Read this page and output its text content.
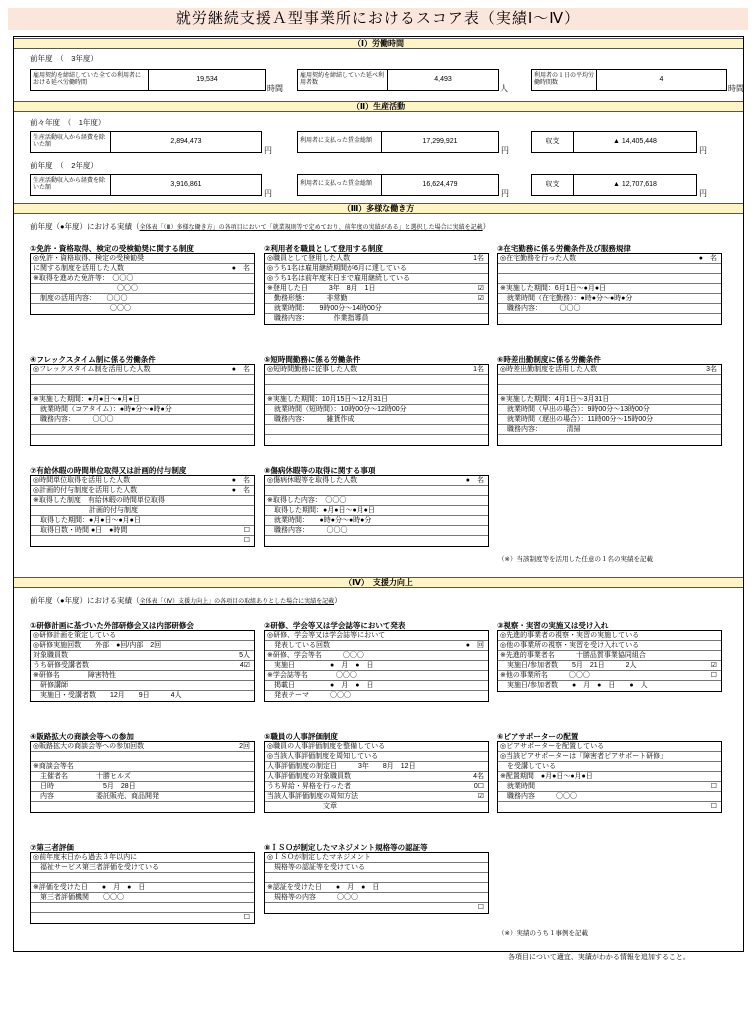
就労継続支援Ａ型事業所におけるスコア表（実績Ⅰ～Ⅳ）
（Ⅰ）労働時間
前年度　（　3年度）
雇用契約を締結していた全ての利用者における延べ労働時間
19,534
時間
雇用契約を締結していた延べ利用者数
4,493
人
利用者の１日の平均労働時間数
4
時間
（Ⅱ）生産活動
前々年度　（　1年度）
生産活動収入から経費を除いた額
2,894,473
円
利用者に支払った賃金総額	17,299,921
円
収支	▲ 14,405,448
円
前年度　（　2年度）
生産活動収入から経費を除いた額
3,916,861
円
利用者に支払った賃金総額	16,624,479
円
収支	▲ 12,707,618
円
（Ⅲ）多様な働き方
前年度（●年度）における実績（全体表「（Ⅲ）多様な働き方」の各項目において「就業規則等で定めており、前年度の実績がある」と選択した場合に実績を記載）
（※）当該制度等を活用した任意の１名の実績を記載
（Ⅳ）　支援力向上
前年度（●年度）における実績（全体表「（Ⅳ）支援力向上」の各項目の取組ありとした場合に実績を記載）
（※）実績のうち１事例を記載
①免許・資格取得、検定の受検勧奨に関する制度
◎免許・資格取得、検定の受検勧奨
に関する制度を活用した人数	●　名
※取得を進めた免許等：　〇〇〇
　　　　　　　　　　　　〇〇〇
　制度の活用内容：　　〇〇〇
　　　　　　　　　　　〇〇〇
②利用者を職員として登用する制度
◎職員として登用した人数	1名
◎うち1名は雇用継続期間が6月に達している
◎うち1名は前年度末日まで雇用継続している
※登用した日　　　3年　8月　1日	☑
　勤務形態：　　　非常勤	☑
　就業時間：　　9時00分～14時00分
　職務内容：　　　　作業指導員
③在宅勤務に係る労働条件及び服務規律
◎在宅勤務を行った人数	●　名
※実施した期間：6月1日～●月●日
　就業時間（在宅勤務）：●時●分～●時●分
　職務内容：　　　〇〇〇
④フレックスタイム制に係る労働条件
◎フレックスタイム制を活用した人数	●　名
※実施した期間：●月●日～●月●日
　就業時間（コアタイム）：●時●分～●時●分
　職務内容：　　　〇〇〇
⑤短時間勤務に係る労働条件
◎短時間勤務に従事した人数	1名
※実施した期間：10月15日～12月31日
　就業時間（短時間）：10時00分～12時00分
　職務内容：　　　雑貨作成
⑥時差出勤制度に係る労働条件
◎時差出勤制度を活用した人数	3名
※実施した期間：4月1日～3月31日
　就業時間（早出の場合）：9時00分～13時00分
　就業時間（遅出の場合）：11時00分～15時00分
　職務内容：　　　　清掃
⑦有給休暇の時間単位取得又は計画的付与制度
◎時間単位取得を活用した人数	●　名
◎計画的付与制度を活用した人数	●　名
※取得した制度　有給休暇の時間単位取得
　　　　　　　　計画的付与制度
　取得した期間：●月●日～●月●日
　取得日数・時間 ●日　●時間	☐
☐
⑧傷病休暇等の取得に関する事項
◎傷病休暇等を取得した人数	●　名
※取得した内容：　〇〇〇
　取得した期間：●月●日～●月●日
　就業時間：　　●時●分～●時●分
　職務内容：　　　〇〇〇
①研修計画に基づいた外部研修会又は内部研修会
◎研修計画を策定している
◎研修実施回数　　外部　●回/内部　2回
対象職員数	5人
うち研修受講者数	4☑
※研修名　　　　障害特性
　研修講師
　実施日・受講者数　　12月　　9日　　　4人
②研修、学会等又は学会誌等において発表
◎研修、学会等又は学会誌等において
　発表している回数	●　回
※研修、学会等名　　　〇〇〇
　実施日　　　　　●　月　●　日
※学会誌等名　　　　〇〇〇
　掲載日　　　　　●　月　●　日
　発表テーマ　　　〇〇〇
③視察・実習の実施又は受け入れ
◎先進的事業者の視察・実習の実施している
◎他の事業所の視察・実習を受け入れている
※先進的事業者名　　　十勝品質事業協同組合
　実施日/参加者数　　5月　21日　　　2人	☑
※他の事業所名　　　〇〇〇	☐
　実施日/参加者数　　●　月　●　日　　●　人
④販路拡大の商談会等への参加
◎販路拡大の商談会等への参加回数	2回
※商談会等名
　主催者名　　　　十勝ヒルズ
　日時　　　　　　　5月　28日
　内容　　　　　　委託販売、商品開発
⑤職員の人事評価制度
◎職員の人事評価制度を整備している
◎当該人事評価制度を周知している
人事評価制度の制定日　　　3年　　8月　12日
人事評価制度の対象職員数	4名
うち昇給・昇格を行った者	0☐
当該人事評価制度の周知方法	☑
　　　　　　　　文章
⑥ピアサポーターの配置
◎ピアサポーターを配置している
◎当該ピアサポーターは「障害者ピアサポート研修」
　を受講している
※配置期間　●月●日～●月●日
　就業時間	☐
　職務内容　　　〇〇〇
☐
⑦第三者評価
◎前年度末日から過去３年以内に
　福祉サービス第三者評価を受けている
※評価を受けた日　　●　月　●　日
　第三者評価機関　　〇〇〇
☐
⑧ＩＳＯが制定したマネジメント規格等の認証等
◎ＩＳＯが制定したマネジメント
　規格等の認証等を受けている
※認証を受けた日　　●　月　●　日
　規格等の内容　　　〇〇〇
☐
各項目について適宜、実績がわかる情報を追加すること。
